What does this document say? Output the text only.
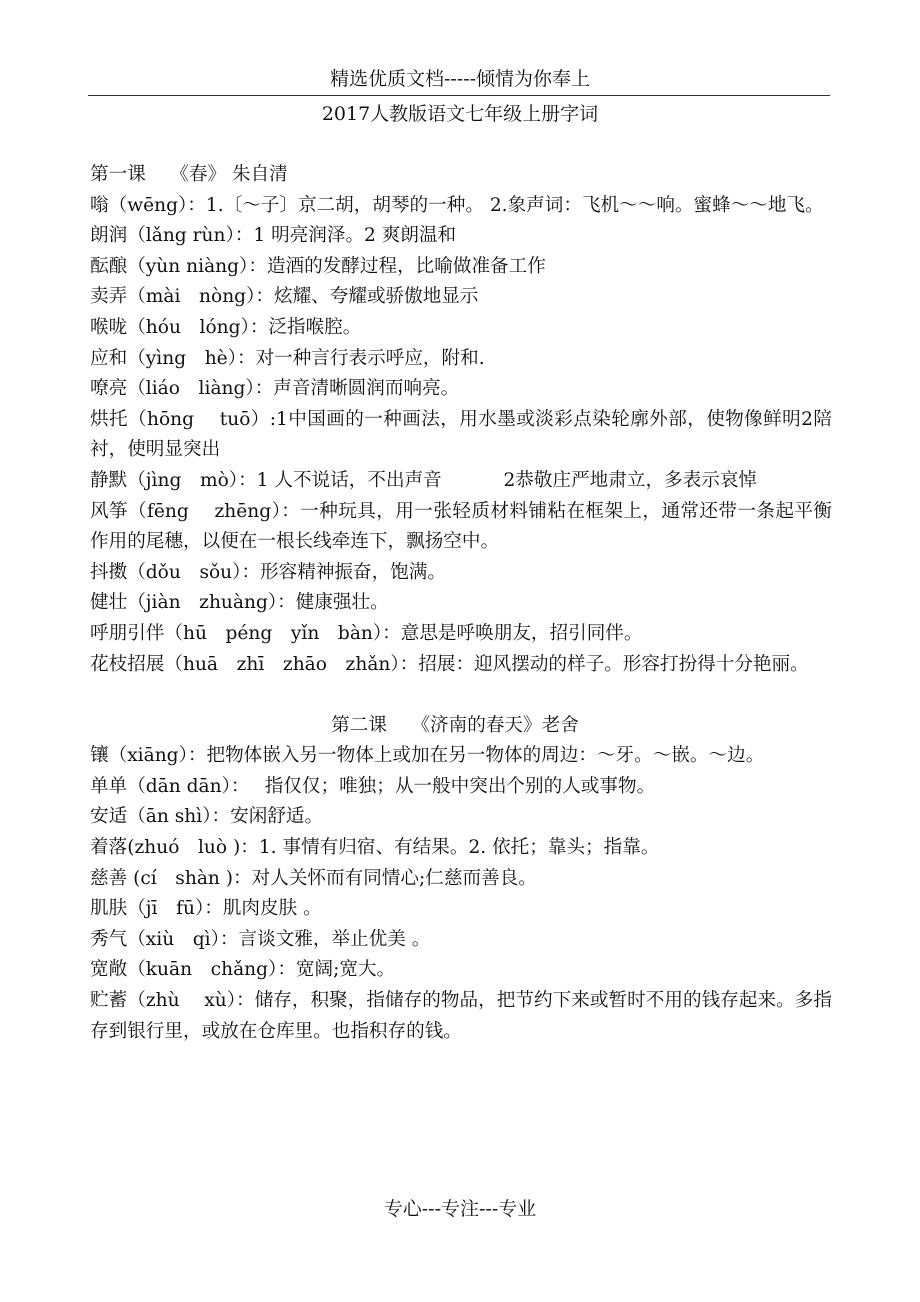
精选优质文档-----倾情为你奉上
2017人教版语文七年级上册字词
第一课　 《春》 朱自清
嗡（wēng）：1.〔～子〕京二胡，胡琴的一种。 2.象声词：飞机～～响。蜜蜂～～地飞。
朗润（lǎng rùn）：1 明亮润泽。2 爽朗温和
酝酿（yùn niàng）：造酒的发酵过程，比喻做准备工作
卖弄（mài　nòng）：炫耀、夸耀或骄傲地显示
喉咙（hóu　lóng）：泛指喉腔。
应和（yìng　hè）：对一种言行表示呼应，附和.
嘹亮（liáo　liàng）：声音清晰圆润而响亮。
烘托（hōng　 tuō）:1中国画的一种画法，用水墨或淡彩点染轮廓外部，使物像鲜明2陪衬，使明显突出
静默（jìng　mò）：1 人不说话，不出声音　　　 2恭敬庄严地肃立，多表示哀悼
风筝（fēng　 zhēng）：一种玩具，用一张轻质材料铺粘在框架上，通常还带一条起平衡作用的尾穗，以便在一根长线牵连下，飘扬空中。
抖擞（dǒu　sǒu）：形容精神振奋，饱满。
健壮（jiàn　zhuàng）：健康强壮。
呼朋引伴（hū　péng　yǐn　bàn）：意思是呼唤朋友，招引同伴。
花枝招展（huā　zhī　zhāo　zhǎn）：招展：迎风摆动的样子。形容打扮得十分艳丽。
第二课　 《济南的春天》老舍
镶（xiāng）：把物体嵌入另一物体上或加在另一物体的周边：～牙。～嵌。～边。
单单（dān dān）：　 指仅仅；唯独；从一般中突出个别的人或事物。
安适（ān shì）：安闲舒适。
着落(zhuó　luò )：1. 事情有归宿、有结果。2. 依托；靠头；指靠。
慈善 (cí　shàn )：对人关怀而有同情心;仁慈而善良。
肌肤（jī　fū）：肌肉皮肤 。
秀气（xiù　qì）：言谈文雅，举止优美 。
宽敞（kuān　chǎng）：宽阔;宽大。
贮蓄（zhù　 xù）：储存，积聚，指储存的物品，把节约下来或暂时不用的钱存起来。多指存到银行里，或放在仓库里。也指积存的钱。
专心---专注---专业
